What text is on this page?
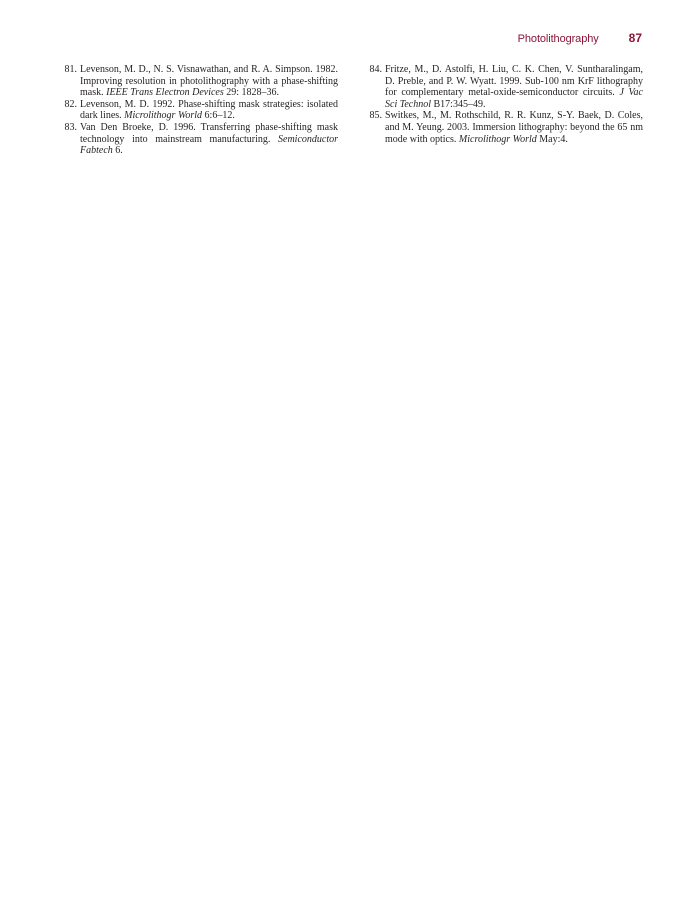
Photolithography	87

81. Levenson, M. D., N. S. Visnawathan, and R. A. Simpson. 1982. Improving resolution in photolithography with a phase-shifting mask. IEEE Trans Electron Devices 29: 1828–36.

82. Levenson, M. D. 1992. Phase-shifting mask strategies: isolated dark lines. Microlithogr World 6:6–12.

83. Van Den Broeke, D. 1996. Transferring phase-shifting mask technology into mainstream manufacturing. Semiconductor Fabtech 6.

84. Fritze, M., D. Astolfi, H. Liu, C. K. Chen, V. Suntharalingam, D. Preble, and P. W. Wyatt. 1999. Sub-100 nm KrF lithography for complementary metal-oxide-semiconductor circuits. J Vac Sci Technol B17:345–49.

85. Switkes, M., M. Rothschild, R. R. Kunz, S-Y. Baek, D. Coles, and M. Yeung. 2003. Immersion lithography: beyond the 65 nm mode with optics. Microlithogr World May:4.
